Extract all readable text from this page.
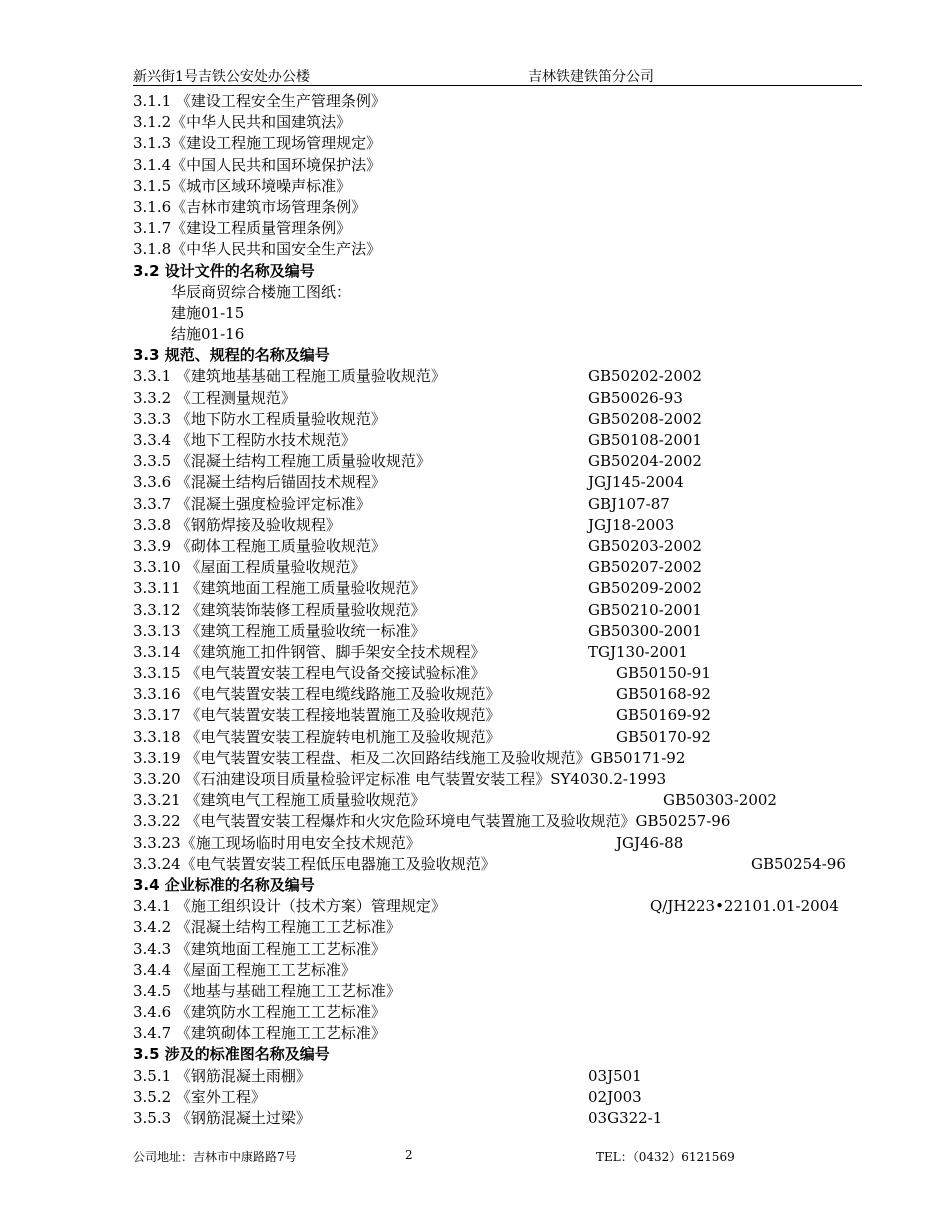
新兴街1号吉铁公安处办公楼	吉林铁建铁笛分公司
3.1.1 《建设工程安全生产管理条例》
3.1.2《中华人民共和国建筑法》
3.1.3《建设工程施工现场管理规定》
3.1.4《中国人民共和国环境保护法》
3.1.5《城市区域环境噪声标准》
3.1.6《吉林市建筑市场管理条例》
3.1.7《建设工程质量管理条例》
3.1.8《中华人民共和国安全生产法》
3.2 设计文件的名称及编号
华辰商贸综合楼施工图纸：
建施01-15
结施01-16
3.3 规范、规程的名称及编号
3.3.1 《建筑地基基础工程施工质量验收规范》	GB50202-2002
3.3.2 《工程测量规范》	GB50026-93
3.3.3 《地下防水工程质量验收规范》	GB50208-2002
3.3.4 《地下工程防水技术规范》	GB50108-2001
3.3.5 《混凝土结构工程施工质量验收规范》	GB50204-2002
3.3.6 《混凝土结构后锚固技术规程》	JGJ145-2004
3.3.7 《混凝土强度检验评定标准》	GBJ107-87
3.3.8 《钢筋焊接及验收规程》	JGJ18-2003
3.3.9 《砌体工程施工质量验收规范》	GB50203-2002
3.3.10 《屋面工程质量验收规范》	GB50207-2002
3.3.11 《建筑地面工程施工质量验收规范》	GB50209-2002
3.3.12 《建筑装饰装修工程质量验收规范》	GB50210-2001
3.3.13 《建筑工程施工质量验收统一标准》	GB50300-2001
3.3.14 《建筑施工扣件钢管、脚手架安全技术规程》	TGJ130-2001
3.3.15 《电气装置安装工程电气设备交接试验标准》	GB50150-91
3.3.16 《电气装置安装工程电缆线路施工及验收规范》	GB50168-92
3.3.17 《电气装置安装工程接地装置施工及验收规范》	GB50169-92
3.3.18 《电气装置安装工程旋转电机施工及验收规范》	GB50170-92
3.3.19 《电气装置安装工程盘、柜及二次回路结线施工及验收规范》GB50171-92
3.3.20 《石油建设项目质量检验评定标准 电气装置安装工程》SY4030.2-1993
3.3.21 《建筑电气工程施工质量验收规范》	GB50303-2002
3.3.22 《电气装置安装工程爆炸和火灾危险环境电气装置施工及验收规范》GB50257-96
3.3.23《施工现场临时用电安全技术规范》	JGJ46-88
3.3.24《电气装置安装工程低压电器施工及验收规范》	GB50254-96
3.4 企业标准的名称及编号
3.4.1 《施工组织设计（技术方案）管理规定》	Q/JH223•22101.01-2004
3.4.2 《混凝土结构工程施工工艺标准》
3.4.3 《建筑地面工程施工工艺标准》
3.4.4 《屋面工程施工工艺标准》
3.4.5 《地基与基础工程施工工艺标准》
3.4.6 《建筑防水工程施工工艺标准》
3.4.7 《建筑砌体工程施工工艺标准》
3.5 涉及的标准图名称及编号
3.5.1 《钢筋混凝土雨棚》	03J501
3.5.2 《室外工程》	02J003
3.5.3 《钢筋混凝土过梁》	03G322-1
公司地址：吉林市中康路路7号	2	TEL：（0432）6121569
